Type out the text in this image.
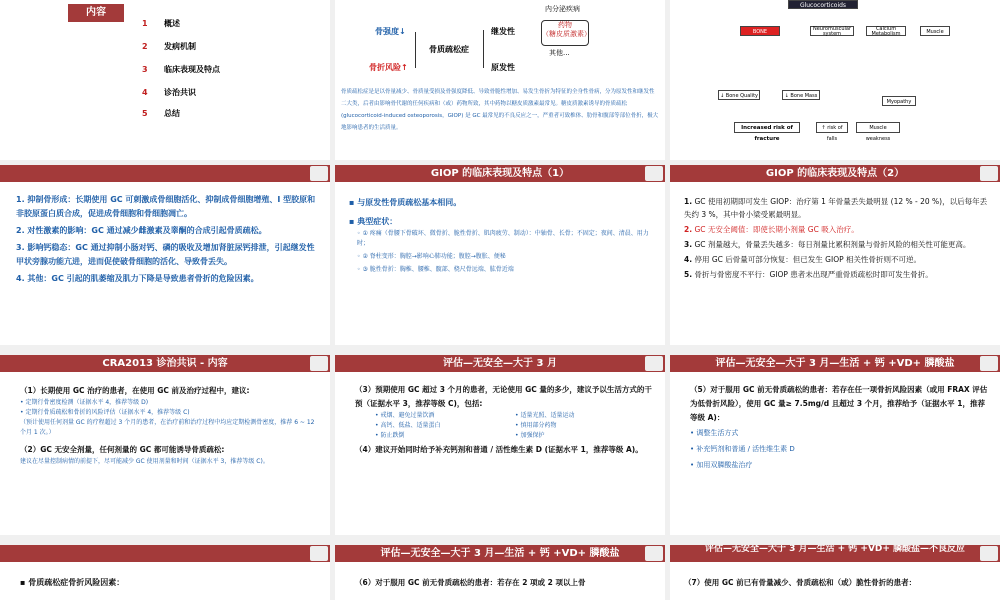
内容
1 概述
2 发病机制
3 临床表现及特点
4 诊治共识
5 总结
骨强度↓
骨折风险↑
骨质疏松症
继发性
原发性
内分泌疾病
药物
（糖皮质激素）
其他...
骨质疏松症是是以骨量减少、骨质量受损及骨强度降低、导致骨脆性增加、易发生骨折为特征的全身性骨病，分为原发性和继发性二大类，后者由影响骨代谢的任何疾病和（或）药物所致，其中药物以糖皮质激素最常见。糖皮质激素诱导的骨质疏松 (glucocorticoid-induced osteoporosis，GIOP) 是 GC 最常见的不良反应之一，严重者可致椎体、肋骨和髋部等部位骨折，极大地影响患者的生活质量。
Glucocorticoids
BONE	Neuromuscular system
Calcium Metabolism	Muscle
↓ Bone Quality	↓ Bone Mass
Myopathy
Increased risk of fracture
↑ risk of falls
Muscle weakness
1. 抑制骨形成：长期使用 GC 可刺激成骨细胞活化、抑制成骨细胞增殖、I 型胶原和非胶原蛋白质合成，促进成骨细胞和骨细胞凋亡。
2. 对性激素的影响：GC 通过减少雌激素及睾酮的合成引起骨质疏松。
3. 影响钙稳态：GC 通过抑制小肠对钙、磷的吸收及增加肾脏尿钙排泄，引起继发性甲状旁腺功能亢进，进而促使破骨细胞的活化、导致骨丢失。
4. 其他：GC 引起的肌萎缩及肌力下降是导致患者骨折的危险因素。
GIOP 的临床表现及特点（1）
▪ 与原发性骨质疏松基本相同。
▪ 典型症状：
◦ ① 疼痛（骨腰下骨破坏、微骨折、脆性骨折、肌肉疲劳、制动）：中轴骨、长骨；不固定；夜间、清晨、用力时；
◦ ② 脊柱变形：胸腔→影响心肺功能；腹腔→腹胀、便秘
◦ ③ 脆性骨折：胸椎、腰椎、髋部、桡尺骨远端、肱骨近端
GIOP 的临床表现及特点（2）
1. GC 使用初期即可发生 GIOP：治疗第 1 年骨量丢失最明显 (12 % - 20 %)，以后每年丢失约 3 %，其中骨小梁受累最明显。
2. GC 无安全阈值：即使长期小剂量 GC 吸入治疗。
3. GC 剂量越大，骨量丢失越多：每日剂量比累积剂量与骨折风险的相关性可能更高。
4. 停用 GC 后骨量可部分恢复：但已发生 GIOP 相关性骨折则不可逆。
5. 骨折与骨密度不平行：GIOP 患者未出现严重骨质疏松时即可发生骨折。
CRA2013 诊治共识 - 内容
（1）长期使用 GC 治疗的患者，在使用 GC 前及治疗过程中，建议:
• 定期行骨密度检测（证据水平 4，推荐等级 D)
• 定期行骨质疏松和骨折的风险评估（证据水平 4，推荐等级 C)
（预计使用任何剂量 GC 的疗程超过 3 个月的患者，在治疗前和治疗过程中均应定期检测骨密度，推荐 6 ~ 12 个月 1 次。）
（2）GC 无安全剂量，任何剂量的 GC 都可能诱导骨质疏松:
建议在尽量控制病情的前提下，尽可能减少 GC 使用剂量和时间（证据水平 3，推荐等级 C)。
评估—无安全—大于 3 月
（3）预期使用 GC 超过 3 个月的患者，无论使用 GC 量的多少，建议予以生活方式的干预（证据水平 3，推荐等级 C)，包括:
• 戒烟、避免过量饮酒	• 适量光照、适量运动
• 高钙、低盐、适量蛋白	• 慎用部分药物
• 防止跌倒	• 加强保护
（4）建议开始同时给予补充钙剂和普通 / 活性维生素 D (证据水平 1，推荐等级 A)。
评估—无安全—大于 3 月—生活 + 钙 +VD+ 膦酸盐
（5）对于服用 GC 前无骨质疏松的患者：若存在任一项骨折风险因素（或用 FRAX 评估为低骨折风险），使用 GC 量≥ 7.5mg/d 且超过 3 个月，推荐给予（证据水平 1，推荐等级 A)：
• 调整生活方式
• 补充钙剂和普通 / 活性维生素 D
• 加用双膦酸盐治疗
▪ 骨质疏松症骨折风险因素：
评估—无安全—大于 3 月—生活 + 钙 +VD+ 膦酸盐
（6）对于服用 GC 前无骨质疏松的患者：若存在 2 项或 2 项以上骨
评估—无安全—大于 3 月—生活 + 钙 +VD+ 膦酸盐—不良反应
（7）使用 GC 前已有骨量减少、骨质疏松和（或）脆性骨折的患者：
